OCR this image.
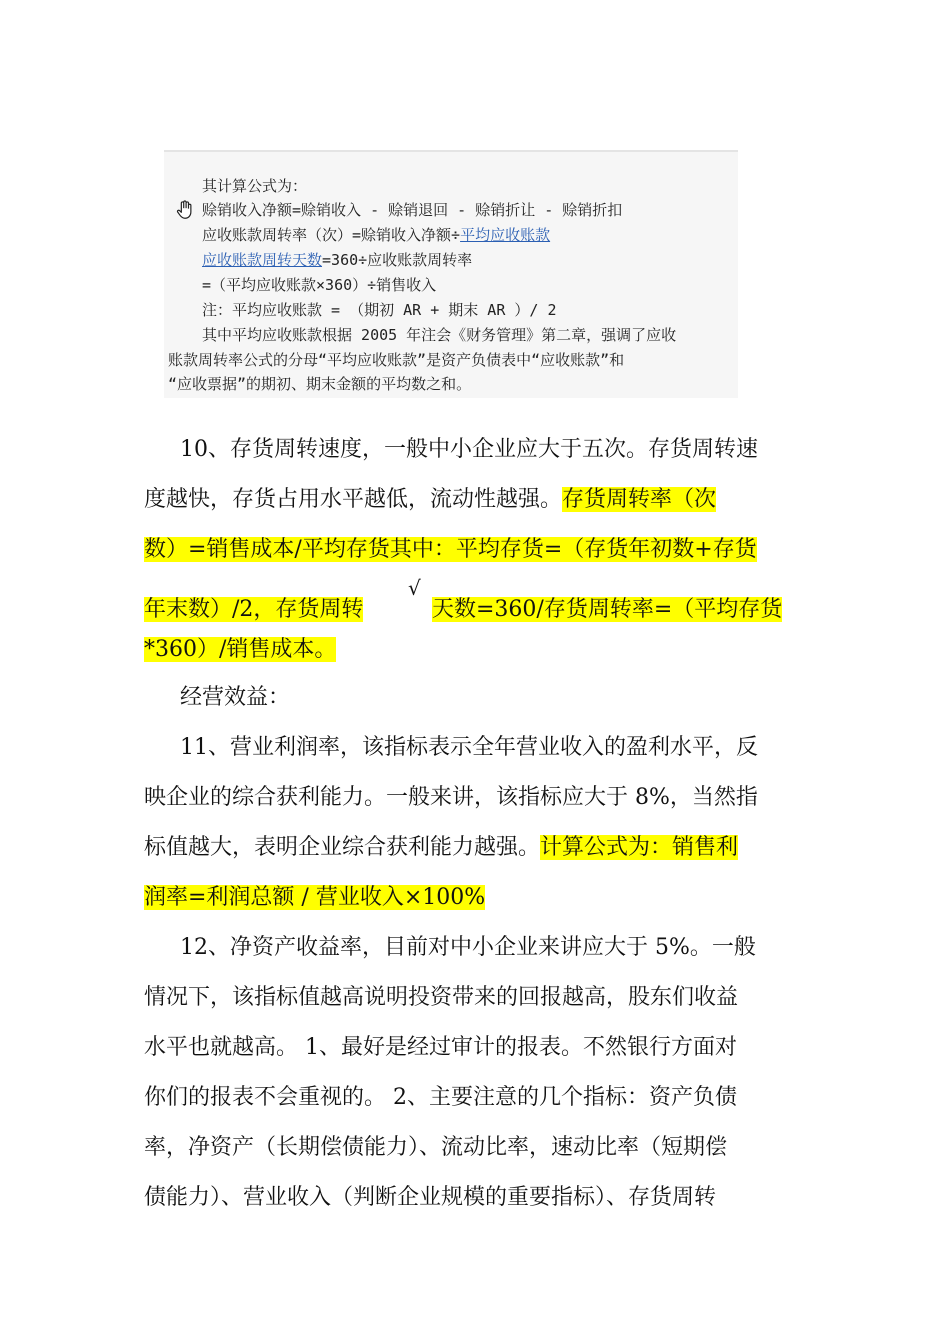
其计算公式为：
赊销收入净额=赊销收入 - 赊销退回 - 赊销折让 - 赊销折扣
应收账款周转率（次）=赊销收入净额÷平均应收账款
应收账款周转天数=360÷应收账款周转率
=（平均应收账款×360）÷销售收入
注：平均应收账款 = （期初 AR + 期末 AR ）/ 2
其中平均应收账款根据 2005 年注会《财务管理》第二章，强调了应收
账款周转率公式的分母“平均应收账款”是资产负债表中“应收账款”和
“应收票据”的期初、期末金额的平均数之和。
10、存货周转速度，一般中小企业应大于五次。存货周转速
度越快，存货占用水平越低，流动性越强。存货周转率（次
数）=销售成本/平均存货其中：平均存货=（存货年初数+存货
年末数）/2，存货周转	天数=360/存货周转率=（平均存货
√
*360）/销售成本。
经营效益：
11、营业利润率，该指标表示全年营业收入的盈利水平，反
映企业的综合获利能力。一般来讲，该指标应大于 8%，当然指
标值越大，表明企业综合获利能力越强。计算公式为：销售利
润率=利润总额 / 营业收入×100%
12、净资产收益率，目前对中小企业来讲应大于 5%。一般
情况下，该指标值越高说明投资带来的回报越高，股东们收益
水平也就越高。 1、最好是经过审计的报表。不然银行方面对
你们的报表不会重视的。 2、主要注意的几个指标：资产负债
率，净资产（长期偿债能力）、流动比率，速动比率（短期偿
债能力）、营业收入（判断企业规模的重要指标）、存货周转
